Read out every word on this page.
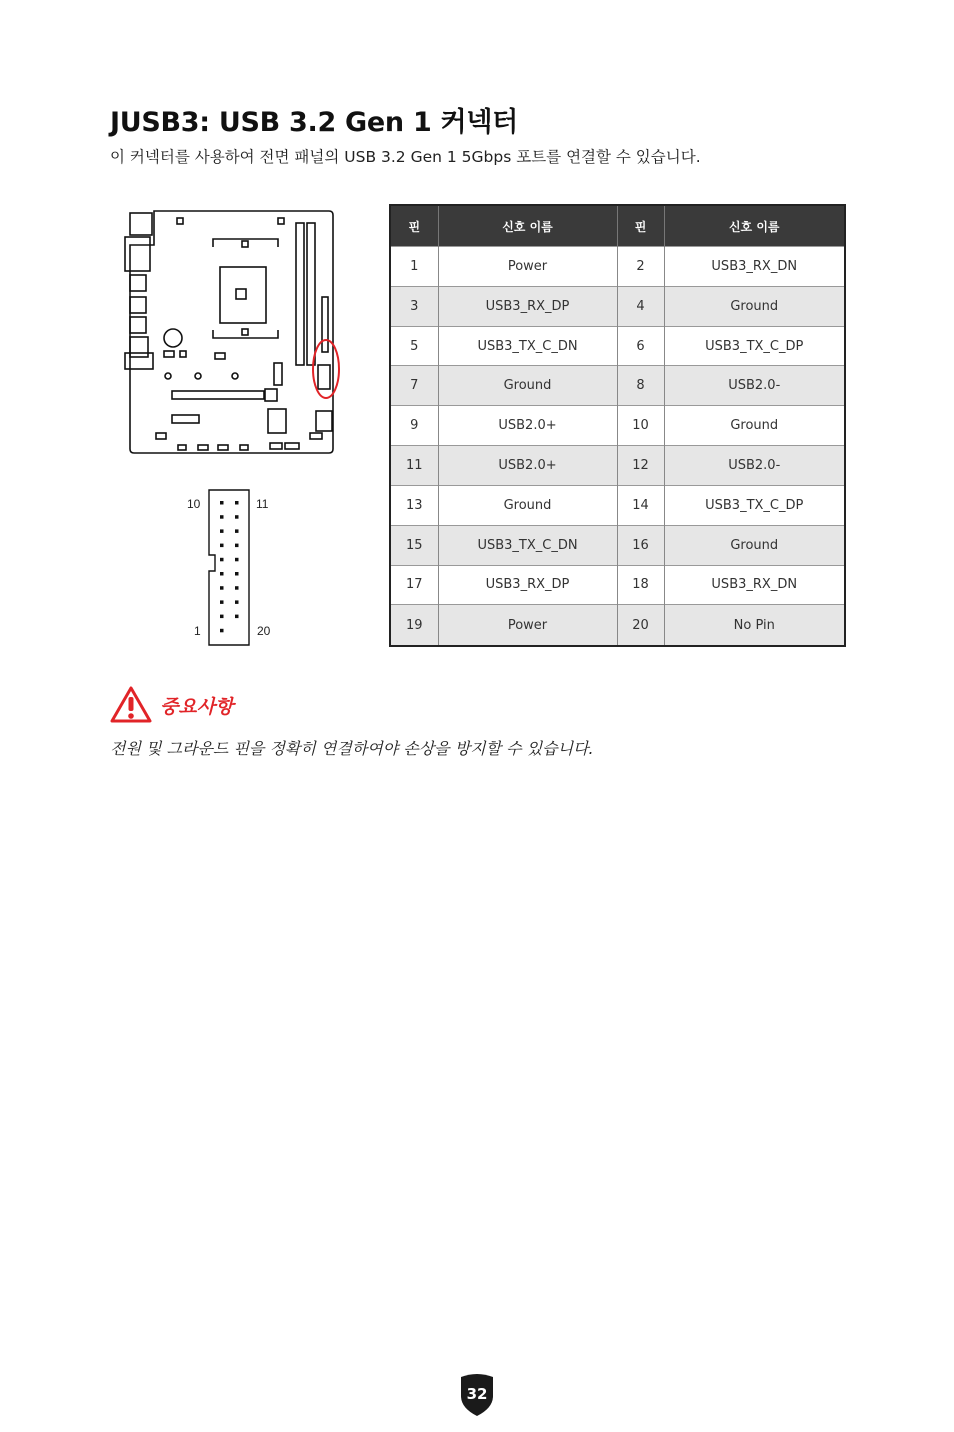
JUSB3: USB 3.2 Gen 1 커넥터

이 커넥터를 사용하여 전면 패널의 USB 3.2 Gen 1 5Gbps 포트를 연결할 수 있습니다.

10	11
1	20
핀	신호 이름	핀	신호 이름
1	Power	2	USB3_RX_DN
3	USB3_RX_DP	4	Ground
5	USB3_TX_C_DN	6	USB3_TX_C_DP
7	Ground	8	USB2.0-
9	USB2.0+	10	Ground
11	USB2.0+	12	USB2.0-
13	Ground	14	USB3_TX_C_DP
15	USB3_TX_C_DN	16	Ground
17	USB3_RX_DP	18	USB3_RX_DN
19	Power	20	No Pin
중요사항

전원 및 그라운드 핀을 정확히 연결하여야 손상을 방지할 수 있습니다.

32
